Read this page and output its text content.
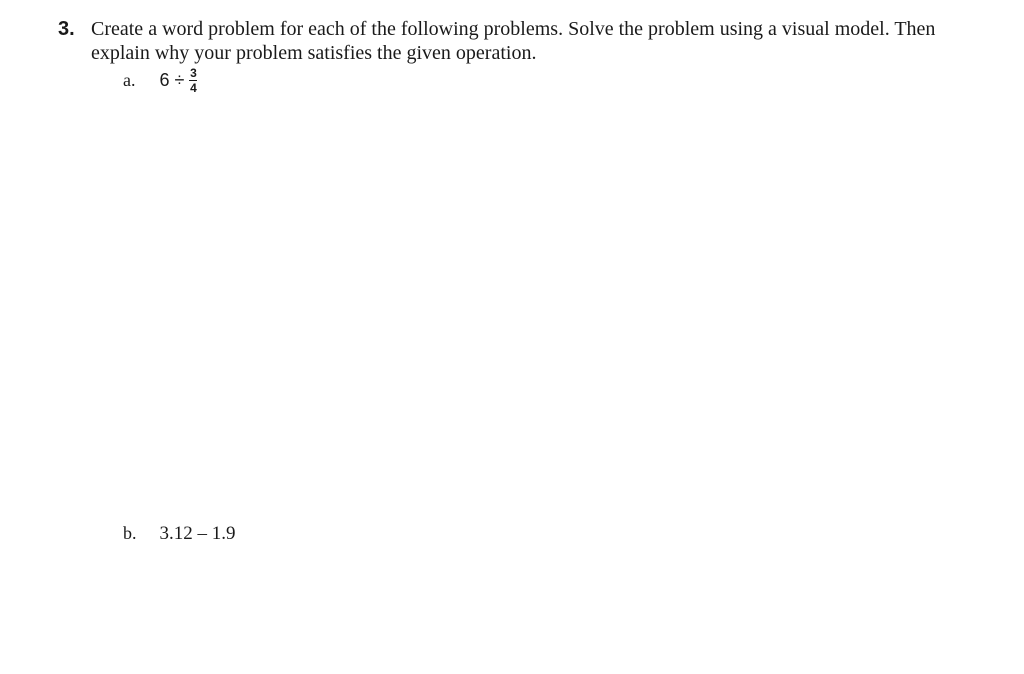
3. Create a word problem for each of the following problems. Solve the problem using a visual model. Then explain why your problem satisfies the given operation.
a. $6 \div \frac{3}{4}$
b. 3.12 – 1.9
